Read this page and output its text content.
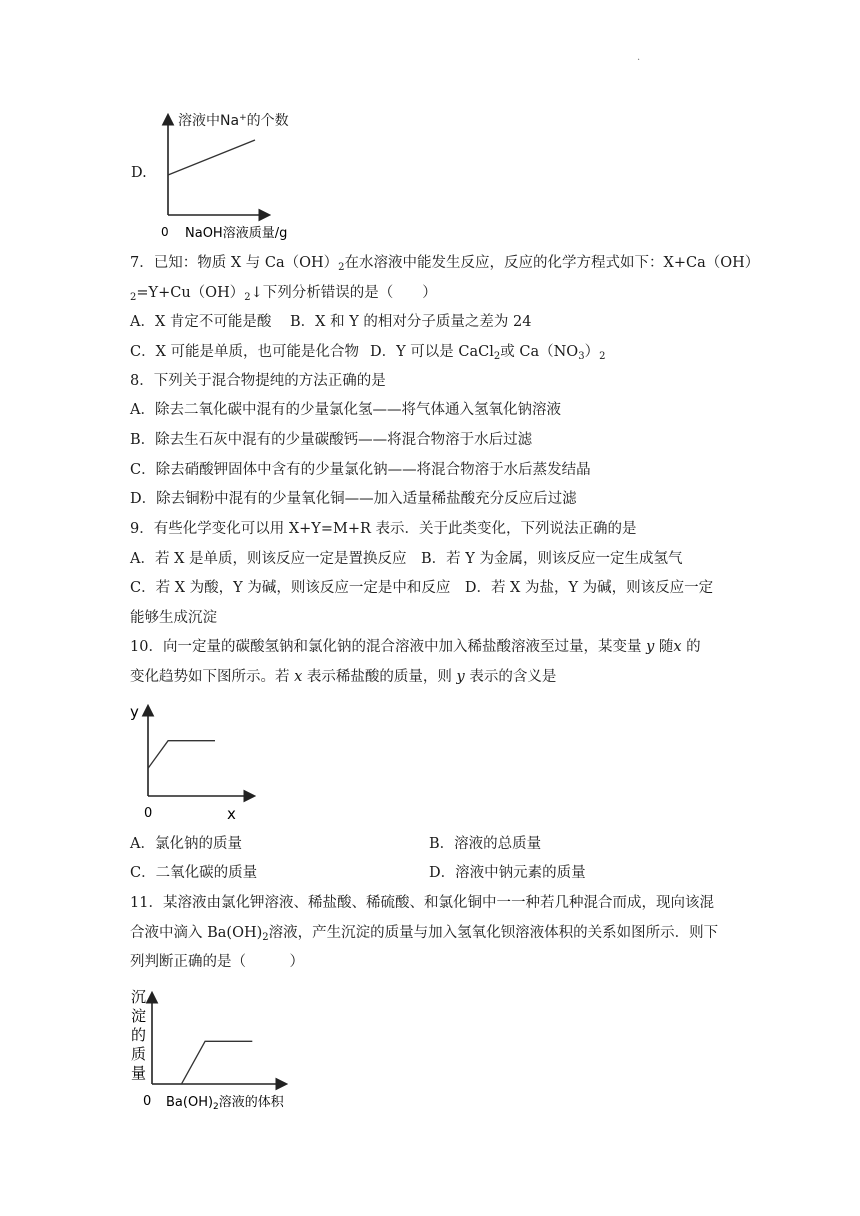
.
D.
溶液中Na+的个数
0 NaOH溶液质量/g
7．已知：物质 X 与 $Ca(OH)_2$在水溶液中能发生反应，反应的化学方程式如下：X+Ca（OH）
$_2=Y+Cu(OH)_2↓$下列分析错误的是（　　）
A．X 肯定不可能是酸 B．X 和 Y 的相对分子质量之差为 24
C．X 可能是单质，也可能是化合物 D．Y 可以是 CaCl$_2$或 $Ca(NO_3)_2$
8．下列关于混合物提纯的方法正确的是
A．除去二氧化碳中混有的少量氯化氢——将气体通入氢氧化钠溶液
B．除去生石灰中混有的少量碳酸钙——将混合物溶于水后过滤
C．除去硝酸钾固体中含有的少量氯化钠——将混合物溶于水后蒸发结晶
D．除去铜粉中混有的少量氧化铜——加入适量稀盐酸充分反应后过滤
9．有些化学变化可以用 X+Y=M+R 表示．关于此类变化，下列说法正确的是
A．若 X 是单质，则该反应一定是置换反应　B．若 Y 为金属，则该反应一定生成氢气
C．若 X 为酸，Y 为碱，则该反应一定是中和反应　D．若 X 为盐，Y 为碱，则该反应一定
能够生成沉淀
10．向一定量的碳酸氢钠和氯化钠的混合溶液中加入稀盐酸溶液至过量，某变量 y 随x 的
变化趋势如下图所示。若 x 表示稀盐酸的质量，则 y 表示的含义是
y
0	x
A．氯化钠的质量	B．溶液的总质量
C．二氧化碳的质量	D．溶液中钠元素的质量
11．某溶液由氯化钾溶液、稀盐酸、稀硫酸、和氯化铜中一一种若几种混合而成，现向该混
合液中滴入 $Ba(OH)_2$溶液，产生沉淀的质量与加入氢氧化钡溶液体积的关系如图所示．则下
列判断正确的是（　　　）
沉
淀
的
质
量
0 $Ba(OH)_2$溶液的体积
